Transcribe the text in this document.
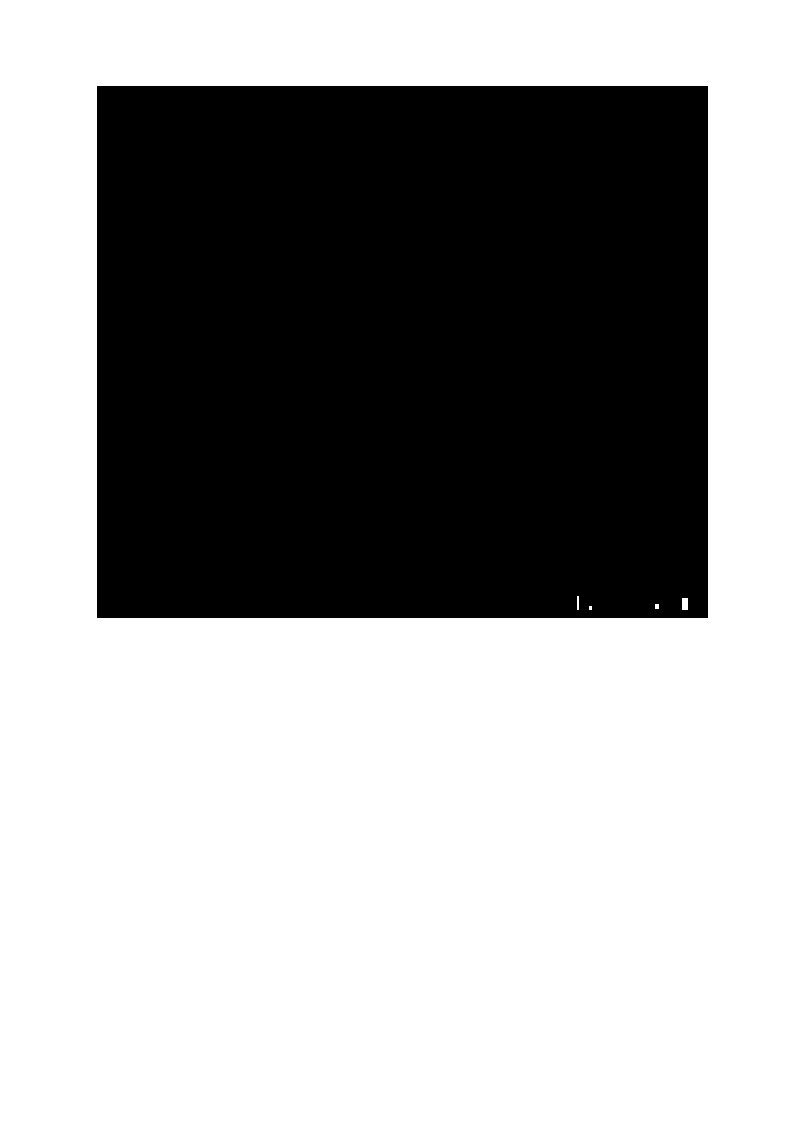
her example of the issues posed by the First Notice would be the First Notice e of "must" in proposed Section 203.1810(a)(1)(B) as compared to the federal The First Notice Version reads as follows: otal tonnage of increased emissions, in tpy, resulting from a major modification that be offset must be determined by summing the difference between the allowable sions after the modification, as defined under Section 203.1050, and the actual sions before the modification, as defined under Section 203.1040, for each emissions dded). Meanwhile the relevant provision of the federal blueprint provides: otal tonnage of increased emissions, in tons per year, resulting from a major fication that must be offset in accordance with section 173 of the Act shall be mined by summing the difference between the allowable emissions after the fication (as defined by paragraph (a)(1)(xi) of this section) and the actual emissions e the modification (as defined in paragraph (a)(1)(xii) of this section) for each sions unit. 65(a)(3)(i) (Emphasis added). The First Notice Version fails to make a distinction andatory obligations on the owner or operator of a source at which a major would occur to offset emissions and the manner in which the total tonnage of such determined as provided by the federal blueprint. gency requests that the verb "shall" be used in re so as to be consistent with the federal blueprint be used in revised Part 203 as it is used in the fed
